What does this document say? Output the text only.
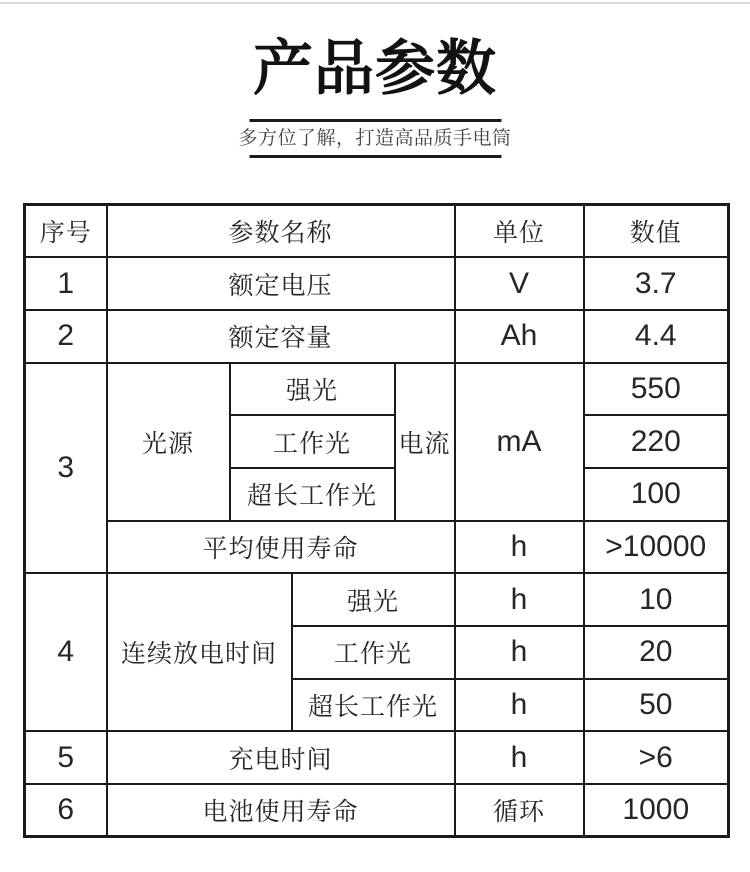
产品参数
多方位了解，打造高品质手电筒
序号	参数名称				单位	数值
1	额定电压				V	3.7
2	额定容量				Ah	4.4
3	光源	强光		电流	mA	550
		工作光				220
		超长工作光				100
	平均使用寿命				h	>10000
4	连续放电时间		强光		h	10
			工作光		h	20
			超长工作光		h	50
5	充电时间				h	>6
6	电池使用寿命				循环	1000
